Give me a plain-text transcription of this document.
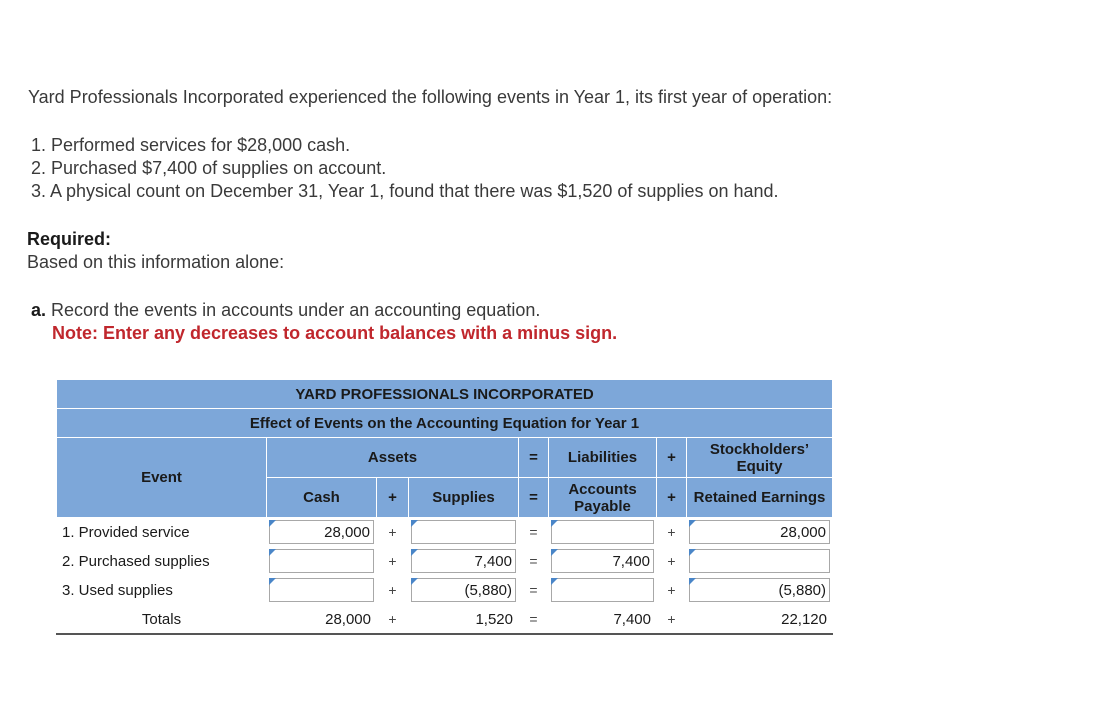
Yard Professionals Incorporated experienced the following events in Year 1, its first year of operation:
1. Performed services for $28,000 cash.
2. Purchased $7,400 of supplies on account.
3. A physical count on December 31, Year 1, found that there was $1,520 of supplies on hand.
Required:
Based on this information alone:
a. Record the events in accounts under an accounting equation.
Note: Enter any decreases to account balances with a minus sign.
YARD PROFESSIONALS INCORPORATED							
Effect of Events on the Accounting Equation for Year 1							
Event	Assets			=	Liabilities	+	Stockholders’ Equity
	Cash	+	Supplies	=	Accounts Payable	+	Retained Earnings
1. Provided service	28,000	+		=		+	28,000

2. Purchased supplies		+	7,400	=	7,400	+	

3. Used supplies		+	(5,880)	=		+	(5,880)

Totals	28,000	+	1,520	=	7,400	+	22,120
